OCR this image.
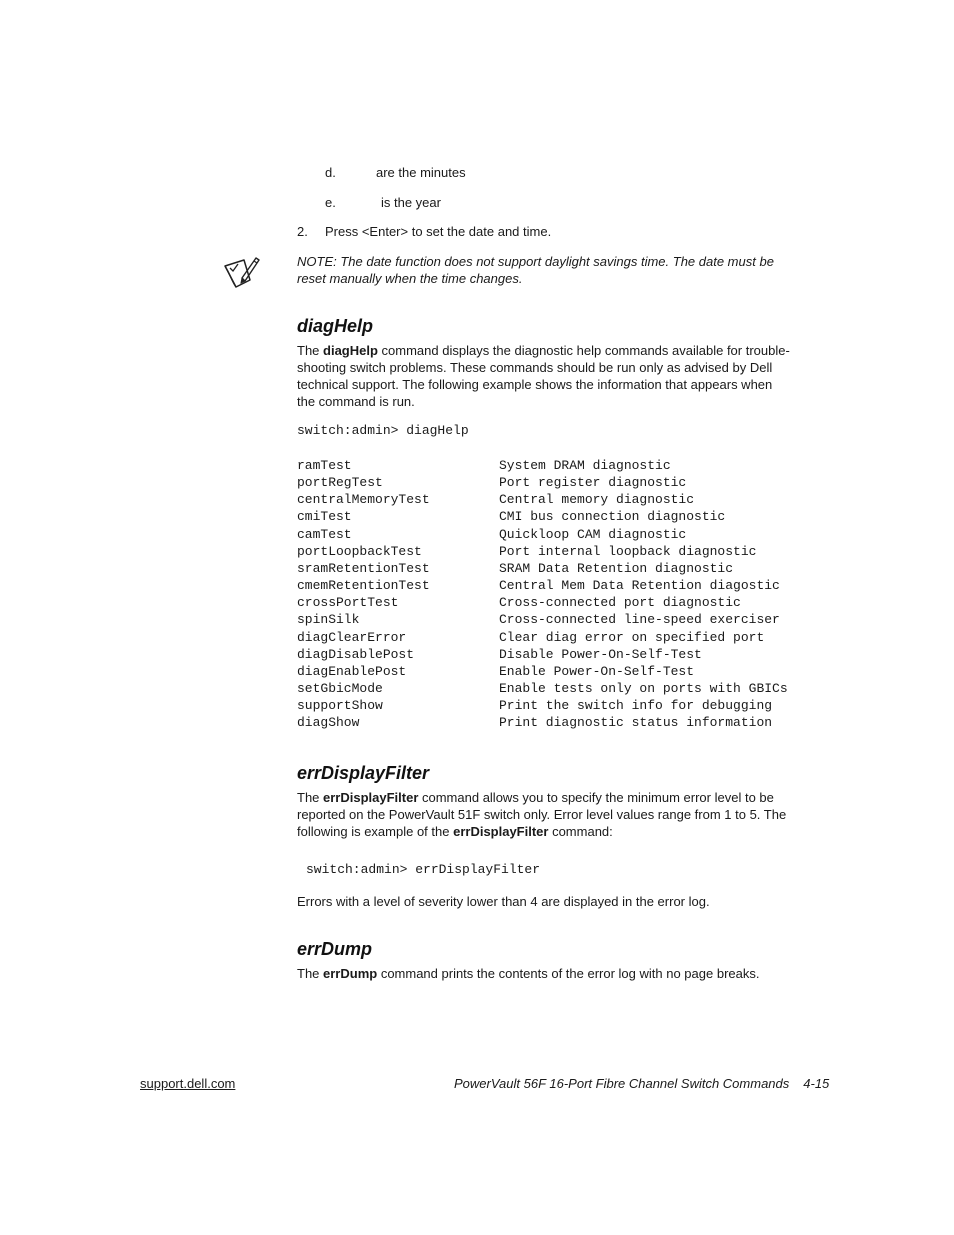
d.	are the minutes
e.	is the year
2. Press <Enter> to set the date and time.
NOTE: The date function does not support daylight savings time. The date must be
reset manually when the time changes.
diagHelp
The diagHelp command displays the diagnostic help commands available for trouble-
shooting switch problems. These commands should be run only as advised by Dell
technical support. The following example shows the information that appears when
the command is run.
switch:admin> diagHelp
ramTest	System DRAM diagnostic
portRegTest	Port register diagnostic
centralMemoryTest	Central memory diagnostic
cmiTest	CMI bus connection diagnostic
camTest	Quickloop CAM diagnostic
portLoopbackTest	Port internal loopback diagnostic
sramRetentionTest	SRAM Data Retention diagnostic
cmemRetentionTest	Central Mem Data Retention diagostic
crossPortTest	Cross-connected port diagnostic
spinSilk	Cross-connected line-speed exerciser
diagClearError	Clear diag error on specified port
diagDisablePost	Disable Power-On-Self-Test
diagEnablePost	Enable Power-On-Self-Test
setGbicMode	Enable tests only on ports with GBICs
supportShow	Print the switch info for debugging
diagShow	Print diagnostic status information
errDisplayFilter
The errDisplayFilter command allows you to specify the minimum error level to be
reported on the PowerVault 51F switch only. Error level values range from 1 to 5. The
following is example of the errDisplayFilter command:
switch:admin> errDisplayFilter
Errors with a level of severity lower than 4 are displayed in the error log.
errDump
The errDump command prints the contents of the error log with no page breaks.
support.dell.com	PowerVault 56F 16-Port Fibre Channel Switch Commands 4-15
